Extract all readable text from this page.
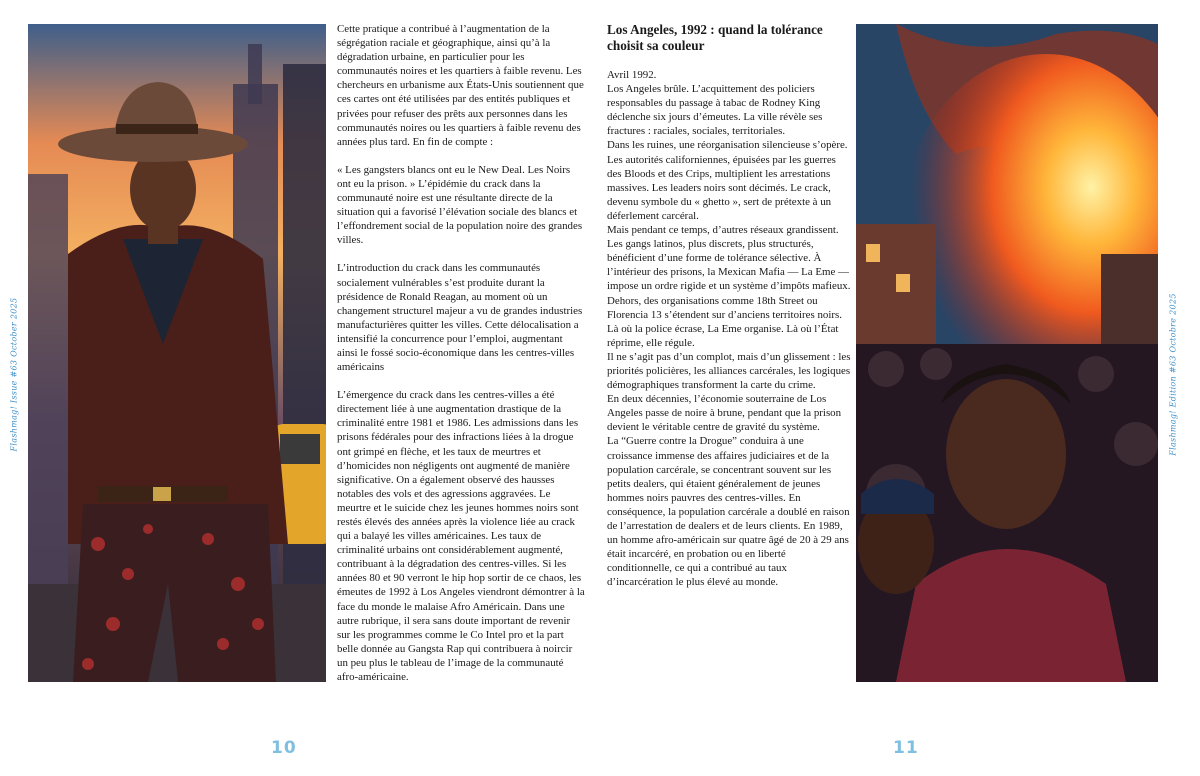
Flashmag! Issue #63 October 2025	Flashmag! Edition #63 Octobre 2025

Cette pratique a contribué à l’augmentation de la ségrégation raciale et géographique, ainsi qu’à la dégradation urbaine, en particulier pour les communautés noires et les quartiers à faible revenu. Les chercheurs en urbanisme aux États-Unis soutiennent que ces cartes ont été utilisées par des entités publiques et privées pour refuser des prêts aux personnes dans les communautés noires ou les quartiers à faible revenu des années plus tard. En fin de compte :

« Les gangsters blancs ont eu le New Deal. Les Noirs ont eu la prison. » L’épidémie du crack dans la communauté noire est une résultante directe de la situation qui a favorisé l’élévation sociale des blancs et l’effondrement social de la population noire des grandes villes.

L’introduction du crack dans les communautés socialement vulnérables s’est produite durant la présidence de Ronald Reagan, au moment où un changement structurel majeur a vu de grandes industries manufacturières quitter les villes. Cette délocalisation a intensifié la concurrence pour l’emploi, augmentant ainsi le fossé socio-économique dans les centres-villes américains

L’émergence du crack dans les centres-villes a été directement liée à une augmentation drastique de la criminalité entre 1981 et 1986. Les admissions dans les prisons fédérales pour des infractions liées à la drogue ont grimpé en flèche, et les taux de meurtres et d’homicides non négligents ont augmenté de manière significative. On a également observé des hausses notables des vols et des agressions aggravées. Le meurtre et le suicide chez les jeunes hommes noirs sont restés élevés des années après la violence liée au crack qui a balayé les villes américaines. Les taux de criminalité urbains ont considérablement augmenté, contribuant à la dégradation des centres-villes. Si les années 80 et 90 verront le hip hop sortir de ce chaos, les émeutes de 1992 à Los Angeles viendront démontrer à la face du monde le malaise Afro Américain. Dans une autre rubrique, il sera sans doute important de revenir sur les programmes comme le Co Intel pro et la part belle donnée au Gangsta Rap qui contribuera à noircir un peu plus le tableau de l’image de la communauté afro-américaine.

Los Angeles, 1992 : quand la tolérance choisit sa couleur

Avril 1992.

Los Angeles brûle. L’acquittement des policiers responsables du passage à tabac de Rodney King déclenche six jours d’émeutes. La ville révèle ses fractures : raciales, sociales, territoriales.

Dans les ruines, une réorganisation silencieuse s’opère.

Les autorités californiennes, épuisées par les guerres des Bloods et des Crips, multiplient les arrestations massives. Les leaders noirs sont décimés. Le crack, devenu symbole du « ghetto », sert de prétexte à un déferlement carcéral.

Mais pendant ce temps, d’autres réseaux grandissent.

Les gangs latinos, plus discrets, plus structurés, bénéficient d’une forme de tolérance sélective. À l’intérieur des prisons, la Mexican Mafia — La Eme — impose un ordre rigide et un système d’impôts mafieux. Dehors, des organisations comme 18th Street ou Florencia 13 s’étendent sur d’anciens territoires noirs.

Là où la police écrase, La Eme organise. Là où l’État réprime, elle régule.

Il ne s’agit pas d’un complot, mais d’un glissement : les priorités policières, les alliances carcérales, les logiques démographiques transforment la carte du crime.

En deux décennies, l’économie souterraine de Los Angeles passe de noire à brune, pendant que la prison devient le véritable centre de gravité du système.

La “Guerre contre la Drogue” conduira à une croissance immense des affaires judiciaires et de la population carcérale, se concentrant souvent sur les petits dealers, qui étaient généralement de jeunes hommes noirs pauvres des centres-villes. En conséquence, la population carcérale a doublé en raison de l’arrestation de dealers et de leurs clients. En 1989, un homme afro-américain sur quatre âgé de 20 à 29 ans était incarcéré, en probation ou en liberté conditionnelle, ce qui a contribué au taux d’incarcération le plus élevé au monde.

10	11
